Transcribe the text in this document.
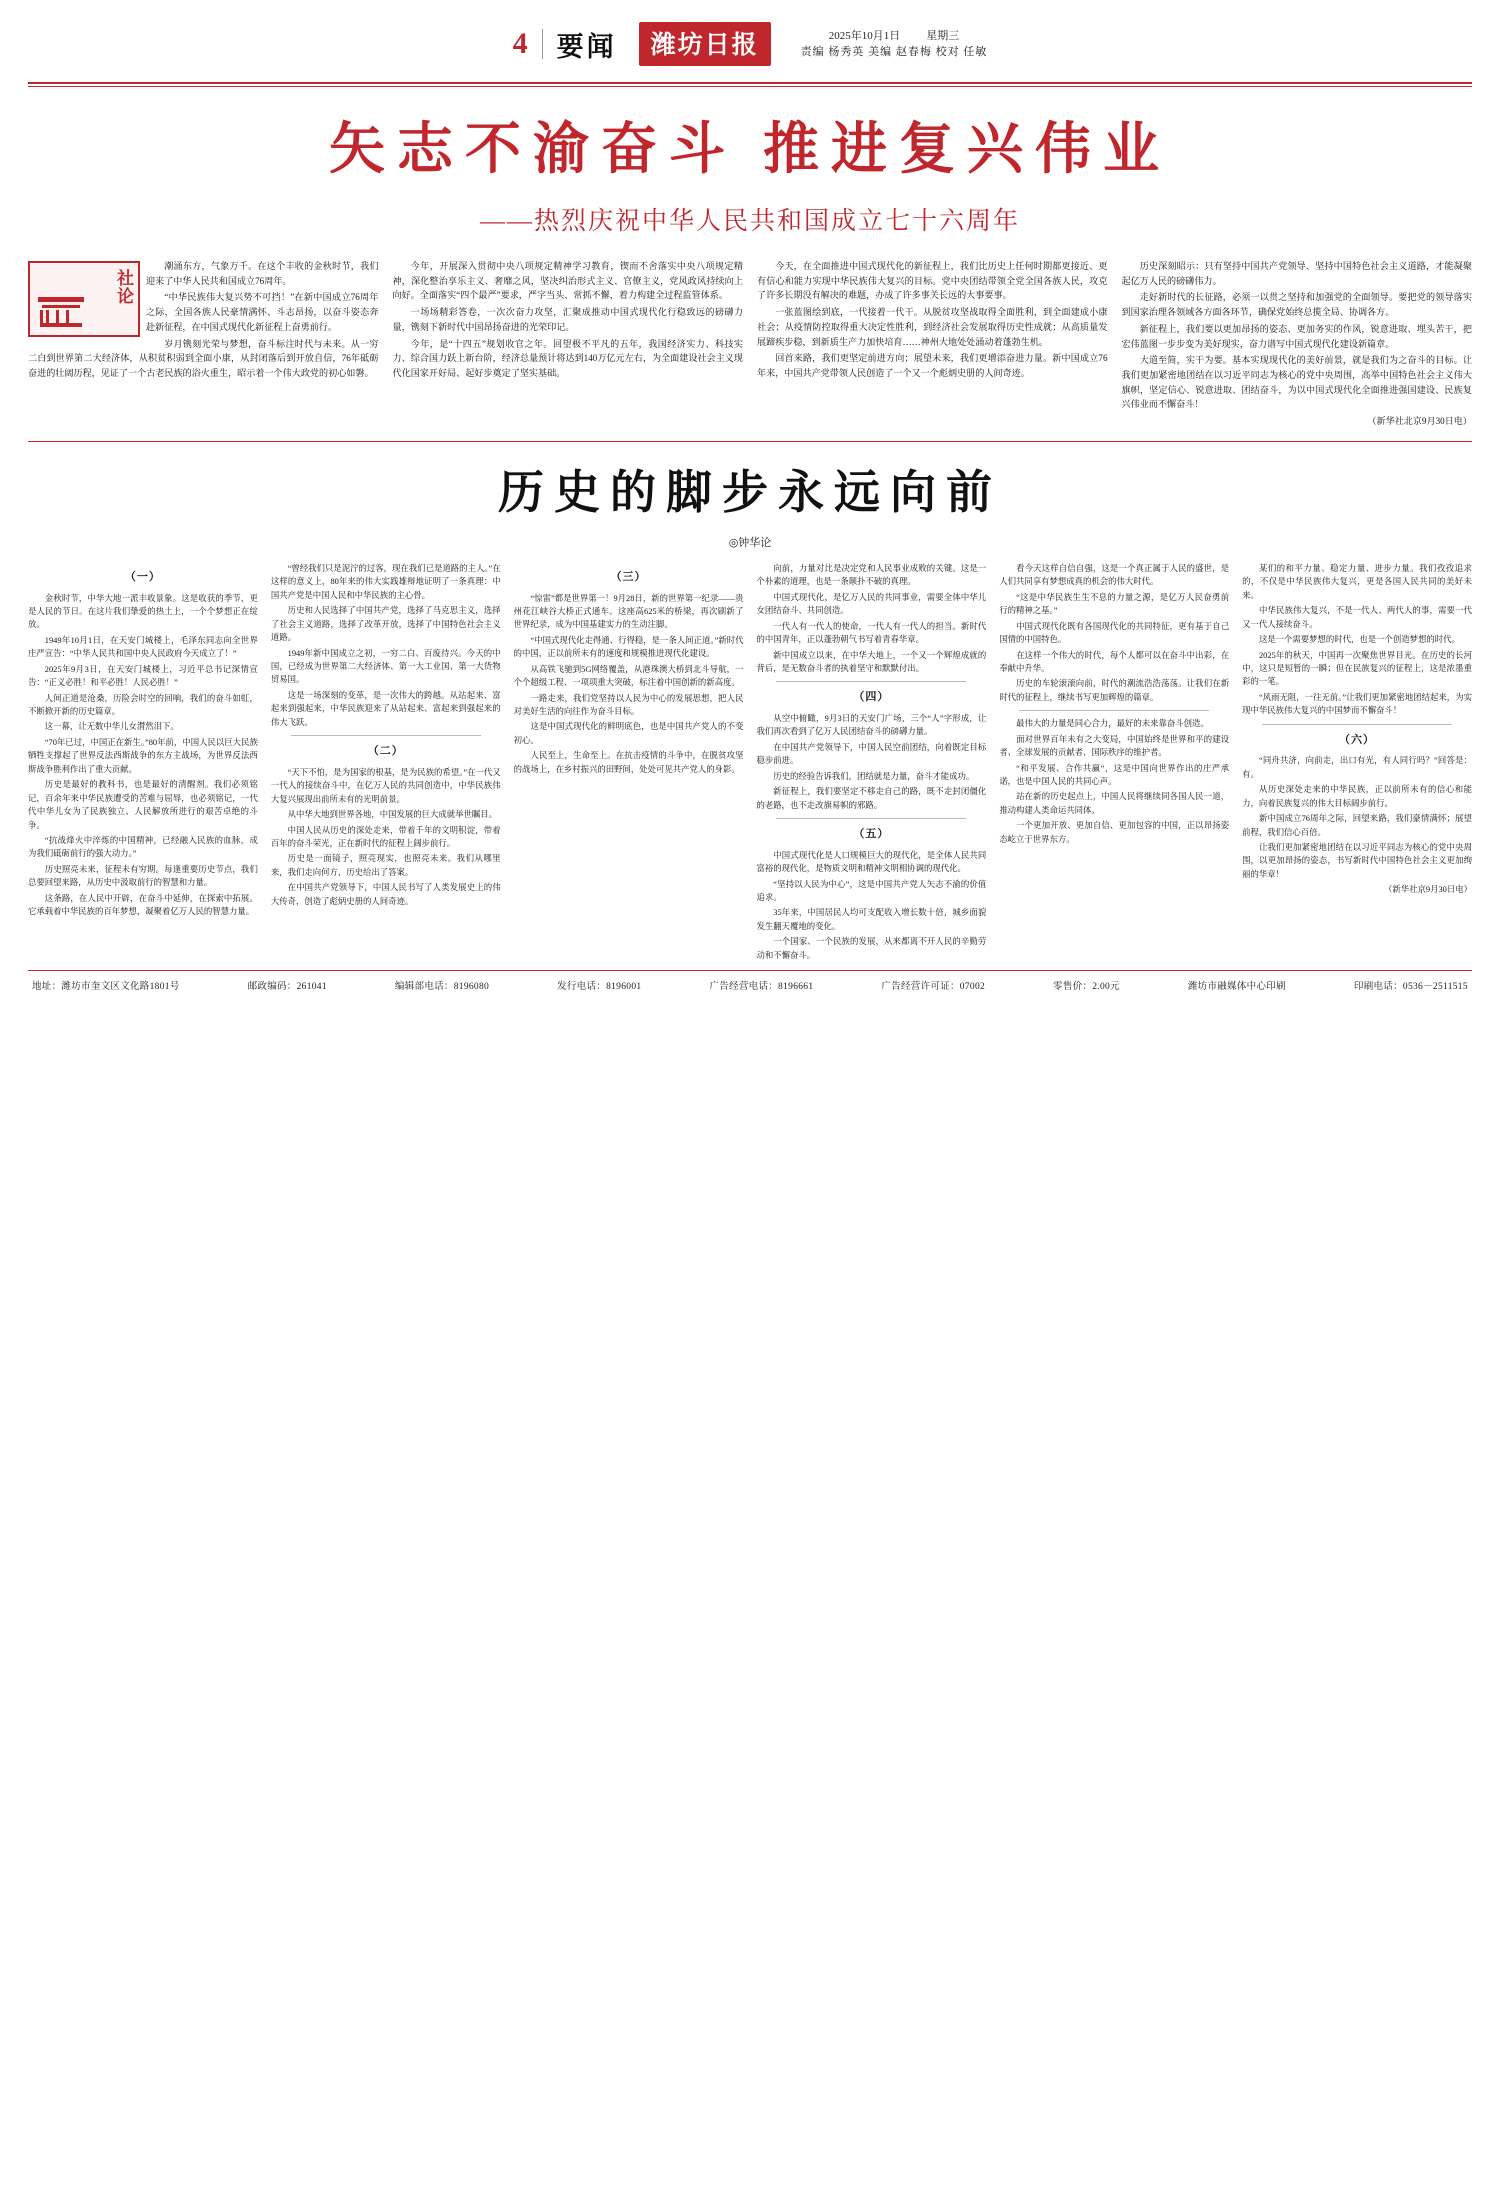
4 要闻	潍坊日报	2025年10月1日 星期三
责编 杨秀英 美编 赵春梅 校对 任敏
矢志不渝奋斗 推进复兴伟业
——热烈庆祝中华人民共和国成立七十六周年
社论

潮涌东方，气象万千。在这个丰收的金秋时节，我们迎来了中华人民共和国成立76周年。

“中华民族伟大复兴势不可挡！”在新中国成立76周年之际，全国各族人民豪情满怀、斗志昂扬，以奋斗姿态奔赴新征程，在中国式现代化新征程上奋勇前行。

岁月镌刻光荣与梦想，奋斗标注时代与未来。从一穷二白到世界第二大经济体，从积贫积弱到全面小康，从封闭落后到开放自信，76年砥砺奋进的壮阔历程，见证了一个古老民族的浴火重生，昭示着一个伟大政党的初心如磐。

今年，开展深入贯彻中央八项规定精神学习教育，锲而不舍落实中央八项规定精神，深化整治享乐主义、奢靡之风，坚决纠治形式主义、官僚主义，党风政风持续向上向好。全面落实“四个最严”要求，严字当头、常抓不懈，着力构建全过程监管体系。

一场场精彩答卷，一次次奋力攻坚，汇聚成推动中国式现代化行稳致远的磅礴力量，镌刻下新时代中国昂扬奋进的光荣印记。

今年，是“十四五”规划收官之年。回望极不平凡的五年，我国经济实力、科技实力、综合国力跃上新台阶，经济总量预计将达到140万亿元左右，为全面建设社会主义现代化国家开好局、起好步奠定了坚实基础。

今天，在全面推进中国式现代化的新征程上，我们比历史上任何时期都更接近、更有信心和能力实现中华民族伟大复兴的目标。党中央团结带领全党全国各族人民，攻克了许多长期没有解决的难题，办成了许多事关长远的大事要事。

一张蓝图绘到底，一代接着一代干。从脱贫攻坚战取得全面胜利，到全面建成小康社会；从疫情防控取得重大决定性胜利，到经济社会发展取得历史性成就；从高质量发展蹄疾步稳，到新质生产力加快培育……神州大地处处涌动着蓬勃生机。

回首来路，我们更坚定前进方向；展望未来，我们更增添奋进力量。新中国成立76年来，中国共产党带领人民创造了一个又一个彪炳史册的人间奇迹。

历史深刻昭示：只有坚持中国共产党领导、坚持中国特色社会主义道路，才能凝聚起亿万人民的磅礴伟力。

走好新时代的长征路，必须一以贯之坚持和加强党的全面领导。要把党的领导落实到国家治理各领域各方面各环节，确保党始终总揽全局、协调各方。

新征程上，我们要以更加昂扬的姿态、更加务实的作风，锐意进取、埋头苦干，把宏伟蓝图一步步变为美好现实，奋力谱写中国式现代化建设新篇章。

大道至简，实干为要。基本实现现代化的美好前景，就是我们为之奋斗的目标。让我们更加紧密地团结在以习近平同志为核心的党中央周围，高举中国特色社会主义伟大旗帜，坚定信心、锐意进取、团结奋斗，为以中国式现代化全面推进强国建设、民族复兴伟业而不懈奋斗！

（新华社北京9月30日电）

历史的脚步永远向前
◎钟华论
（一）

金秋时节，中华大地一派丰收景象。这是收获的季节，更是人民的节日。在这片我们挚爱的热土上，一个个梦想正在绽放。

1949年10月1日，在天安门城楼上，毛泽东同志向全世界庄严宣告：“中华人民共和国中央人民政府今天成立了！”

2025年9月3日，在天安门城楼上，习近平总书记深情宣告：“正义必胜！和平必胜！人民必胜！”

人间正道是沧桑，历险会时空的回响，我们的奋斗如虹，不断掀开新的历史篇章。

这一幕，让无数中华儿女潸然泪下。

“70年已过，中国正在新生。”80年前，中国人民以巨大民族牺牲支撑起了世界反法西斯战争的东方主战场，为世界反法西斯战争胜利作出了重大贡献。

历史是最好的教科书，也是最好的清醒剂。我们必须铭记，百余年来中华民族遭受的苦难与屈辱，也必须铭记，一代代中华儿女为了民族独立、人民解放所进行的艰苦卓绝的斗争。

“抗战烽火中淬炼的中国精神，已经融入民族的血脉，成为我们砥砺前行的强大动力。”

历史照亮未来，征程未有穷期。每逢重要历史节点，我们总要回望来路，从历史中汲取前行的智慧和力量。

这条路，在人民中开辟，在奋斗中延伸，在探索中拓展。它承载着中华民族的百年梦想，凝聚着亿万人民的智慧力量。

“曾经我们只是泥泞的过客，现在我们已是道路的主人。”在这样的意义上，80年来的伟大实践雄辩地证明了一条真理：中国共产党是中国人民和中华民族的主心骨。

历史和人民选择了中国共产党，选择了马克思主义，选择了社会主义道路，选择了改革开放，选择了中国特色社会主义道路。

1949年新中国成立之初，一穷二白、百废待兴。今天的中国，已经成为世界第二大经济体、第一大工业国、第一大货物贸易国。

这是一场深刻的变革，是一次伟大的跨越。从站起来、富起来到强起来，中华民族迎来了从站起来、富起来到强起来的伟大飞跃。

（二）

“天下不怕，是为国家的根基，是为民族的希望。”在一代又一代人的接续奋斗中，在亿万人民的共同创造中，中华民族伟大复兴展现出前所未有的光明前景。

从中华大地到世界各地，中国发展的巨大成就举世瞩目。

中国人民从历史的深处走来，带着千年的文明积淀，带着百年的奋斗荣光，正在新时代的征程上阔步前行。

历史是一面镜子，照亮现实，也照亮未来。我们从哪里来，我们走向何方，历史给出了答案。

在中国共产党领导下，中国人民书写了人类发展史上的伟大传奇，创造了彪炳史册的人间奇迹。

（三）

“惊雷”都是世界第一！9月28日，新的世界第一纪录——贵州花江峡谷大桥正式通车。这座高625米的桥梁，再次刷新了世界纪录，成为中国基建实力的生动注脚。

“中国式现代化走得通、行得稳，是一条人间正道。”新时代的中国，正以前所未有的速度和规模推进现代化建设。

从高铁飞驰到5G网络覆盖，从港珠澳大桥到北斗导航，一个个超级工程、一项项重大突破，标注着中国创新的新高度。

一路走来，我们党坚持以人民为中心的发展思想，把人民对美好生活的向往作为奋斗目标。

这是中国式现代化的鲜明底色，也是中国共产党人的不变初心。

人民至上，生命至上。在抗击疫情的斗争中，在脱贫攻坚的战场上，在乡村振兴的田野间，处处可见共产党人的身影。

向前，力量对比是决定党和人民事业成败的关键。这是一个朴素的道理，也是一条颠扑不破的真理。

中国式现代化，是亿万人民的共同事业，需要全体中华儿女团结奋斗、共同创造。

一代人有一代人的使命，一代人有一代人的担当。新时代的中国青年，正以蓬勃朝气书写着青春华章。

新中国成立以来，在中华大地上，一个又一个辉煌成就的背后，是无数奋斗者的执着坚守和默默付出。

（四）

从空中俯瞰，9月3日的天安门广场，三个“人”字形成，让我们再次看到了亿万人民团结奋斗的磅礴力量。

在中国共产党领导下，中国人民空前团结，向着既定目标稳步前进。

历史的经验告诉我们，团结就是力量，奋斗才能成功。

新征程上，我们要坚定不移走自己的路，既不走封闭僵化的老路，也不走改旗易帜的邪路。

（五）

中国式现代化是人口规模巨大的现代化，是全体人民共同富裕的现代化，是物质文明和精神文明相协调的现代化。

“坚持以人民为中心”，这是中国共产党人矢志不渝的价值追求。

35年来，中国居民人均可支配收入增长数十倍，城乡面貌发生翻天覆地的变化。

一个国家、一个民族的发展，从来都离不开人民的辛勤劳动和不懈奋斗。

看今天这样自信自强，这是一个真正属于人民的盛世，是人们共同享有梦想成真的机会的伟大时代。

“这是中华民族生生不息的力量之源，是亿万人民奋勇前行的精神之基。”

中国式现代化既有各国现代化的共同特征，更有基于自己国情的中国特色。

在这样一个伟大的时代，每个人都可以在奋斗中出彩，在奉献中升华。

历史的车轮滚滚向前，时代的潮流浩浩荡荡。让我们在新时代的征程上，继续书写更加辉煌的篇章。

最伟大的力量是同心合力，最好的未来靠奋斗创造。

面对世界百年未有之大变局，中国始终是世界和平的建设者、全球发展的贡献者、国际秩序的维护者。

“和平发展、合作共赢”，这是中国向世界作出的庄严承诺，也是中国人民的共同心声。

站在新的历史起点上，中国人民将继续同各国人民一道，推动构建人类命运共同体。

一个更加开放、更加自信、更加包容的中国，正以昂扬姿态屹立于世界东方。

某们的和平力量、稳定力量、进步力量。我们孜孜追求的，不仅是中华民族伟大复兴，更是各国人民共同的美好未来。

中华民族伟大复兴，不是一代人、两代人的事，需要一代又一代人接续奋斗。

这是一个需要梦想的时代，也是一个创造梦想的时代。

2025年的秋天，中国再一次聚焦世界目光。在历史的长河中，这只是短暂的一瞬；但在民族复兴的征程上，这是浓墨重彩的一笔。

“风雨无阻，一往无前。”让我们更加紧密地团结起来，为实现中华民族伟大复兴的中国梦而不懈奋斗！

（六）

“同舟共济，向前走，出口有光，有人同行吗？”回答是：有。

从历史深处走来的中华民族，正以前所未有的信心和能力，向着民族复兴的伟大目标阔步前行。

新中国成立76周年之际，回望来路，我们豪情满怀；展望前程，我们信心百倍。

让我们更加紧密地团结在以习近平同志为核心的党中央周围，以更加昂扬的姿态，书写新时代中国特色社会主义更加绚丽的华章！

（新华社京9月30日电）

地址：潍坊市奎文区文化路1801号	邮政编码：261041	编辑部电话：8196080	发行电话：8196001	广告经营电话：8196661	广告经营许可证：07002	零售价：2.00元	潍坊市融媒体中心印刷	印刷电话：0536－2511515
